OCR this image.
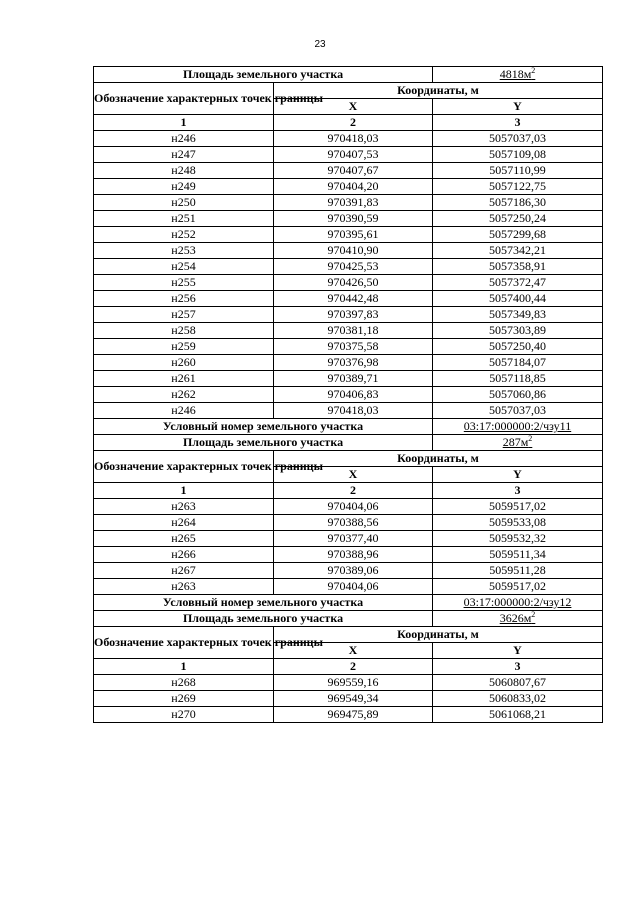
23
Площадь земельного участка		$4818м^2$
Обозначение характерных точек границы	Координаты, м	
	X	Y
1	2	3
н246	970418,03	5057037,03
н247	970407,53	5057109,08
н248	970407,67	5057110,99
н249	970404,20	5057122,75
н250	970391,83	5057186,30
н251	970390,59	5057250,24
н252	970395,61	5057299,68
н253	970410,90	5057342,21
н254	970425,53	5057358,91
н255	970426,50	5057372,47
н256	970442,48	5057400,44
н257	970397,83	5057349,83
н258	970381,18	5057303,89
н259	970375,58	5057250,40
н260	970376,98	5057184,07
н261	970389,71	5057118,85
н262	970406,83	5057060,86
н246	970418,03	5057037,03
Условный номер земельного участка		03:17:000000:2/чзу11
Площадь земельного участка		$287м^2$
Обозначение характерных точек границы	Координаты, м	
	X	Y
1	2	3
н263	970404,06	5059517,02
н264	970388,56	5059533,08
н265	970377,40	5059532,32
н266	970388,96	5059511,34
н267	970389,06	5059511,28
н263	970404,06	5059517,02
Условный номер земельного участка		03:17:000000:2/чзу12
Площадь земельного участка		$3626м^2$
Обозначение характерных точек границы	Координаты, м	
	X	Y
1	2	3
н268	969559,16	5060807,67
н269	969549,34	5060833,02
н270	969475,89	5061068,21
